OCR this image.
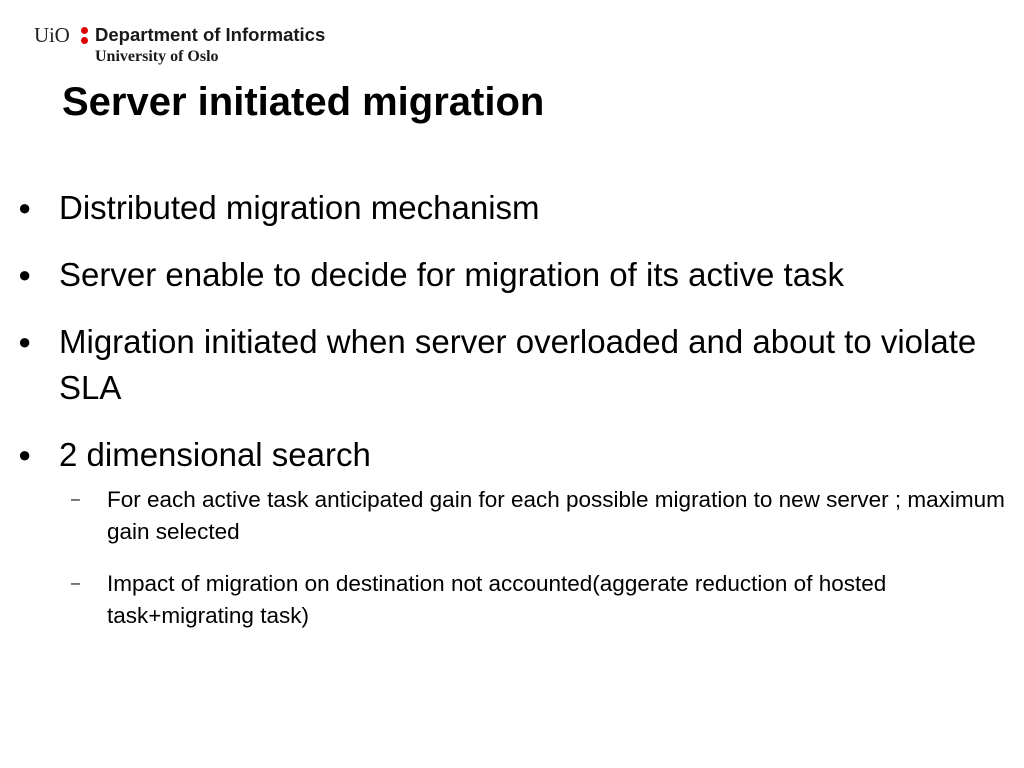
UiO Department of Informatics
University of Oslo
Server initiated migration
● Distributed migration mechanism
● Server enable to decide for migration of its active task
● Migration initiated when server overloaded and about to violate SLA
● 2 dimensional search
– For each active task anticipated gain for each possible migration to new server ; maximum gain selected
– Impact of migration on destination not accounted(aggerate reduction of hosted task+migrating task)
